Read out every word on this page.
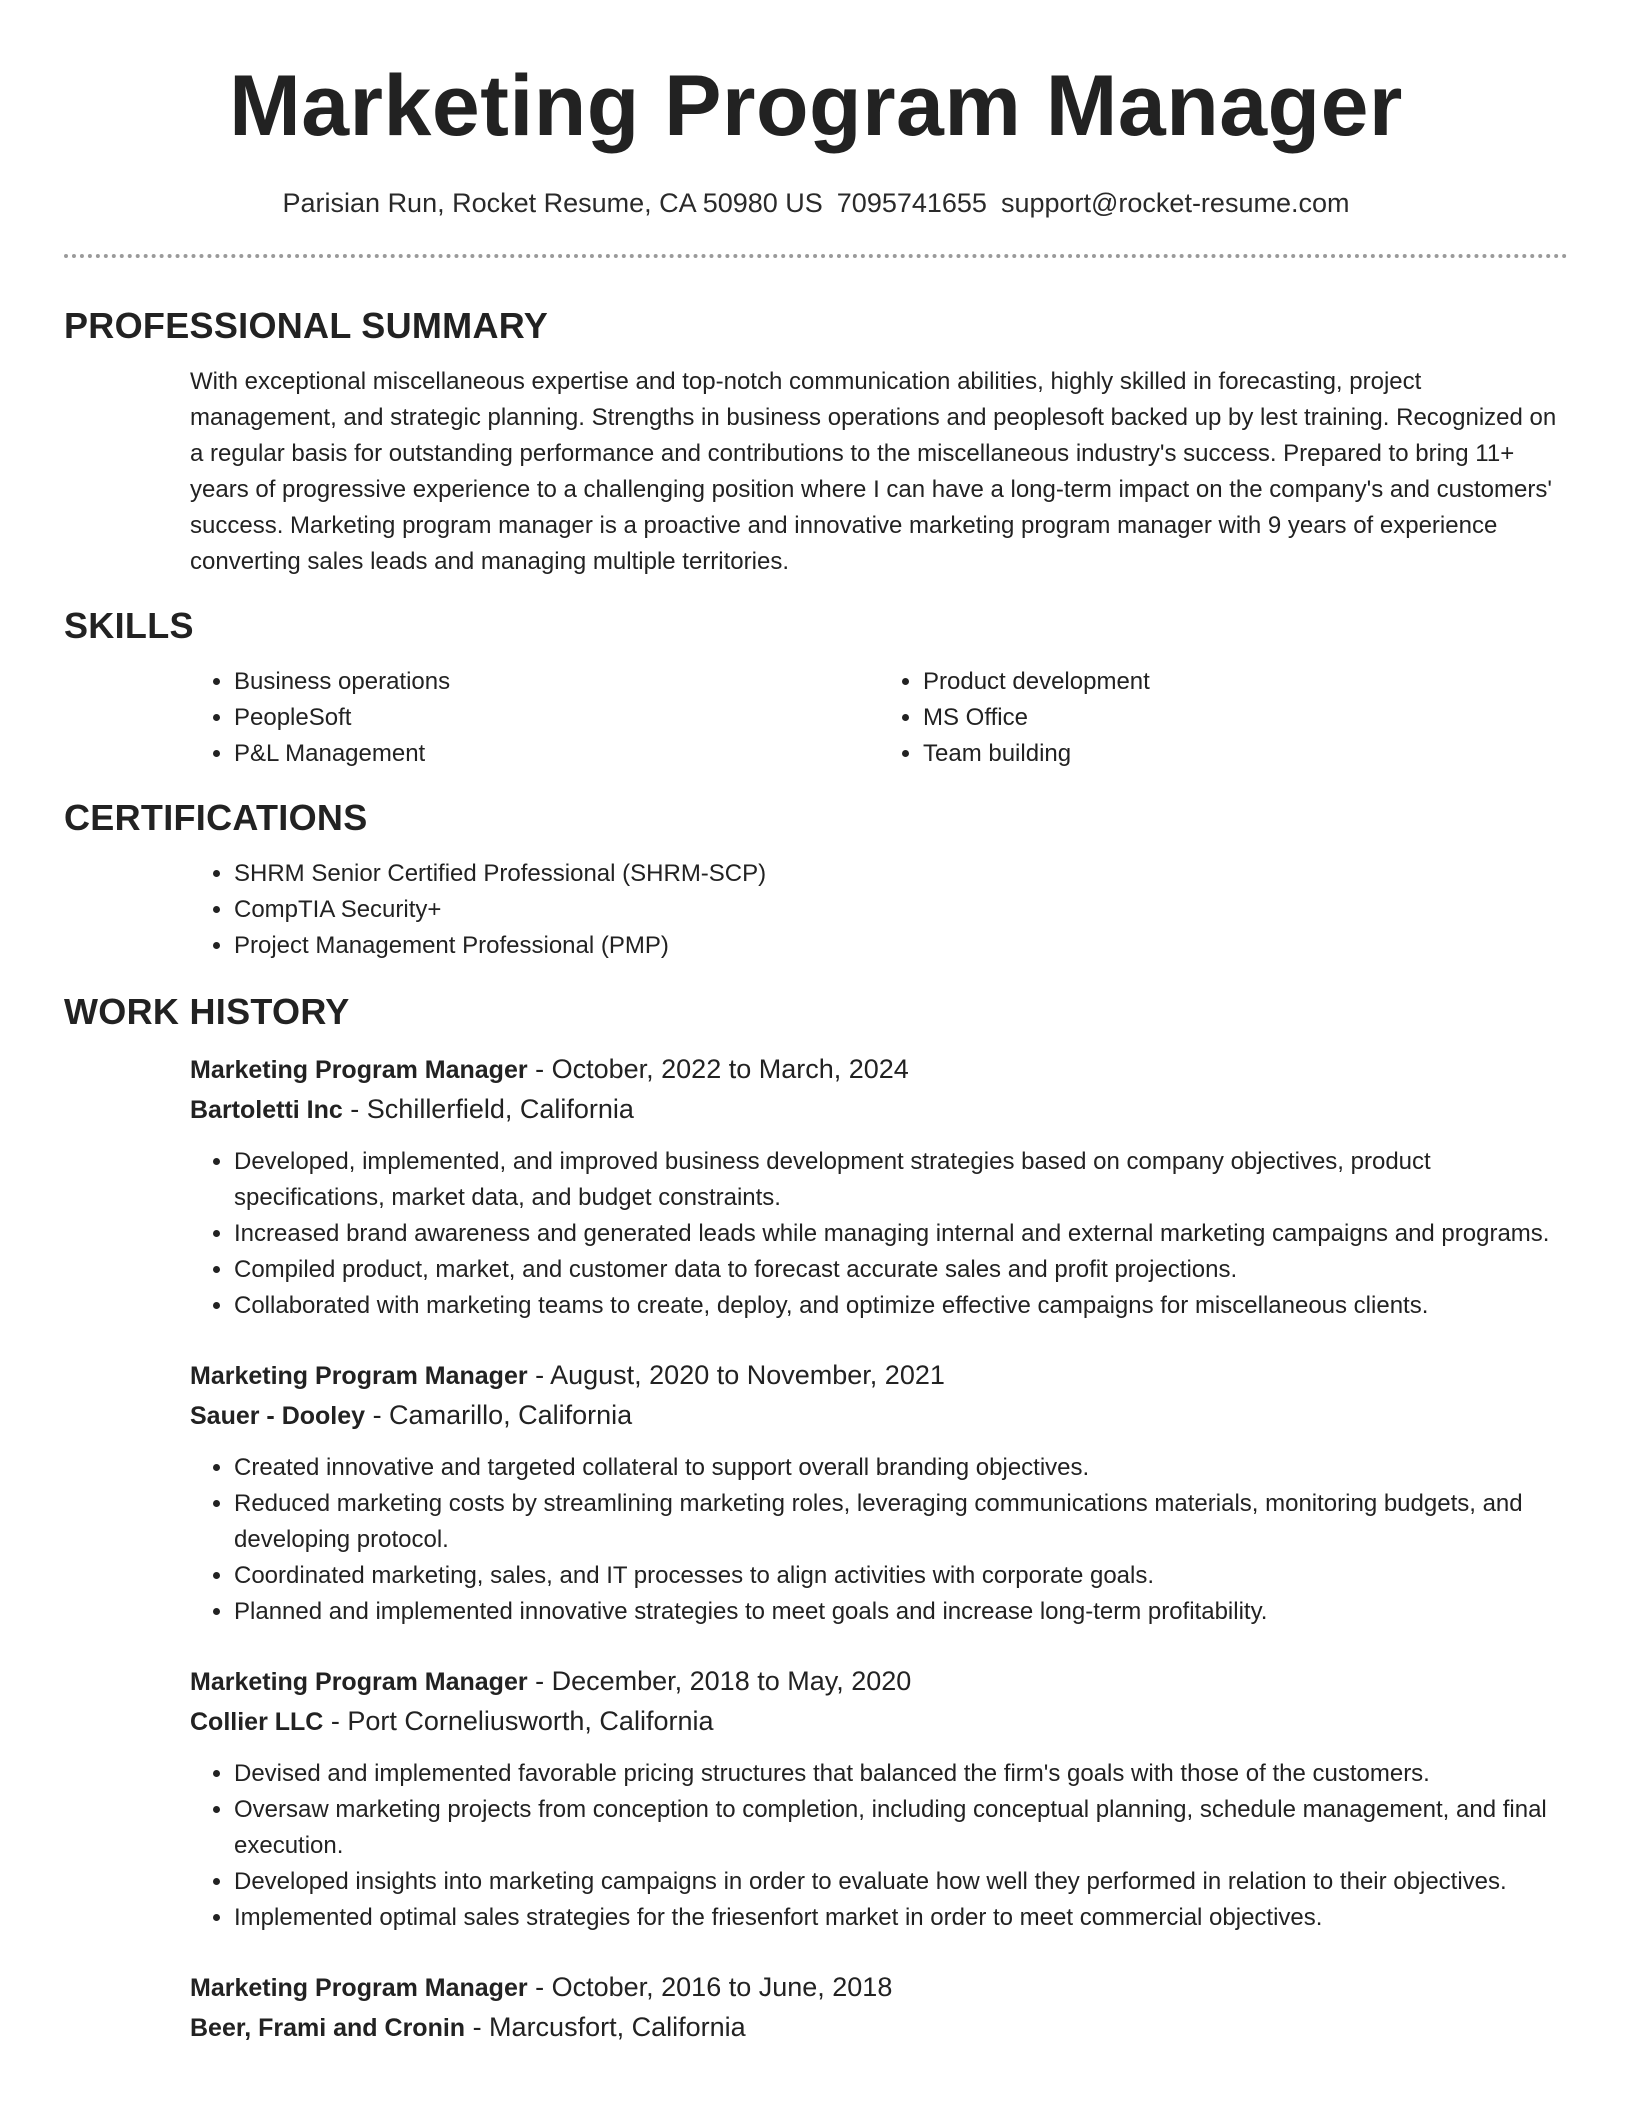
Marketing Program Manager
Parisian Run, Rocket Resume, CA 50980 US 7095741655 support@rocket-resume.com
PROFESSIONAL SUMMARY

With exceptional miscellaneous expertise and top-notch communication abilities, highly skilled in forecasting, project management, and strategic planning. Strengths in business operations and peoplesoft backed up by lest training. Recognized on a regular basis for outstanding performance and contributions to the miscellaneous industry's success. Prepared to bring 11+ years of progressive experience to a challenging position where I can have a long-term impact on the company's and customers' success. Marketing program manager is a proactive and innovative marketing program manager with 9 years of experience converting sales leads and managing multiple territories.

SKILLS
• Business operations
• PeopleSoft
• P&L Management
• Product development
• MS Office
• Team building
CERTIFICATIONS
• SHRM Senior Certified Professional (SHRM-SCP)
• CompTIA Security+
• Project Management Professional (PMP)
WORK HISTORY
Marketing Program Manager - October, 2022 to March, 2024
Bartoletti Inc - Schillerfield, California
• Developed, implemented, and improved business development strategies based on company objectives, product specifications, market data, and budget constraints.
• Increased brand awareness and generated leads while managing internal and external marketing campaigns and programs.
• Compiled product, market, and customer data to forecast accurate sales and profit projections.
• Collaborated with marketing teams to create, deploy, and optimize effective campaigns for miscellaneous clients.
Marketing Program Manager - August, 2020 to November, 2021
Sauer - Dooley - Camarillo, California
• Created innovative and targeted collateral to support overall branding objectives.
• Reduced marketing costs by streamlining marketing roles, leveraging communications materials, monitoring budgets, and developing protocol.
• Coordinated marketing, sales, and IT processes to align activities with corporate goals.
• Planned and implemented innovative strategies to meet goals and increase long-term profitability.
Marketing Program Manager - December, 2018 to May, 2020
Collier LLC - Port Corneliusworth, California
• Devised and implemented favorable pricing structures that balanced the firm's goals with those of the customers.
• Oversaw marketing projects from conception to completion, including conceptual planning, schedule management, and final execution.
• Developed insights into marketing campaigns in order to evaluate how well they performed in relation to their objectives.
• Implemented optimal sales strategies for the friesenfort market in order to meet commercial objectives.
Marketing Program Manager - October, 2016 to June, 2018
Beer, Frami and Cronin - Marcusfort, California
